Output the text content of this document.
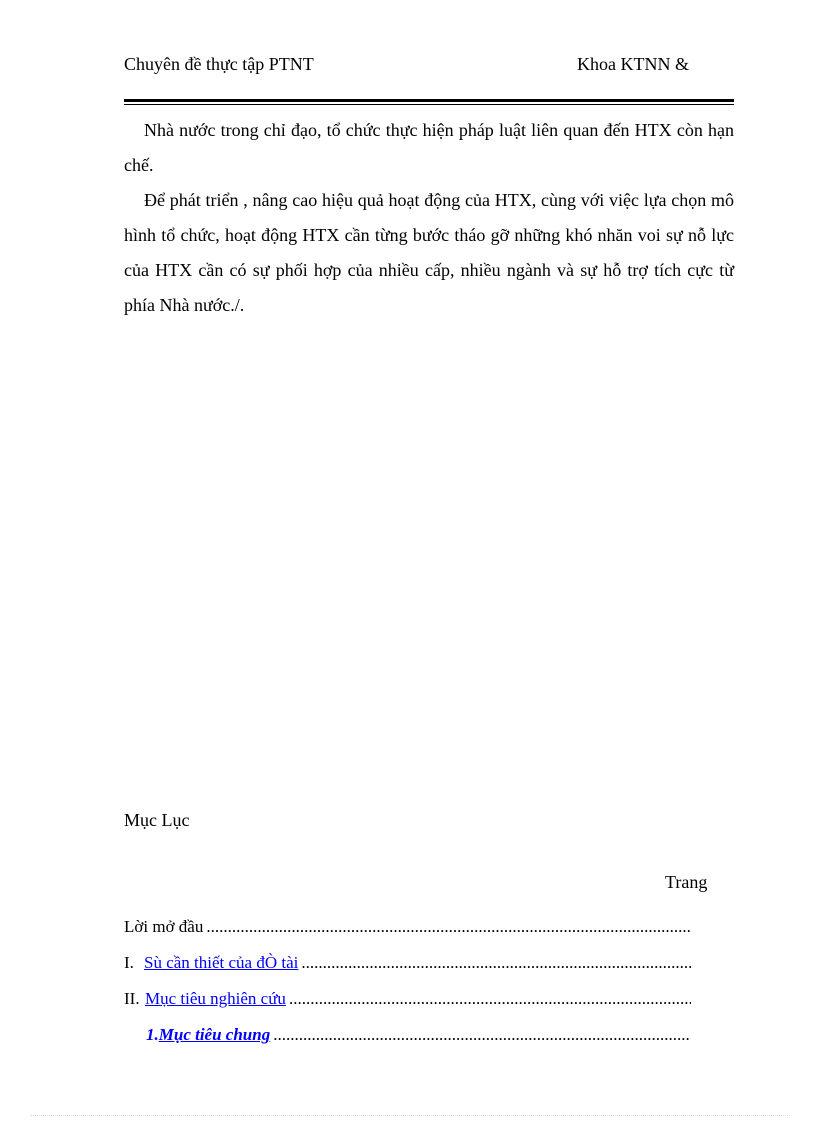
Chuyên đề thực tập PTNT	Khoa KTNN &

Nhà nước trong chỉ đạo, tổ chức thực hiện pháp luật liên quan đến HTX còn hạn chế.

Để phát triển , nâng cao hiệu quả hoạt động của HTX, cùng với việc lựa chọn mô hình tổ chức, hoạt động HTX cần từng bước tháo gỡ những khó nhăn voi sự nỗ lực của HTX cần có sự phối hợp của nhiều cấp, nhiều ngành và sự hỗ trợ tích cực từ phía Nhà nước./.

Mục Lục
Trang
Lời mở đầu
.....
I. Sù cần thiết của đÒ tài
.....
II. Mục tiêu nghiên cứu
.....
1. Mục tiêu chung
.....
